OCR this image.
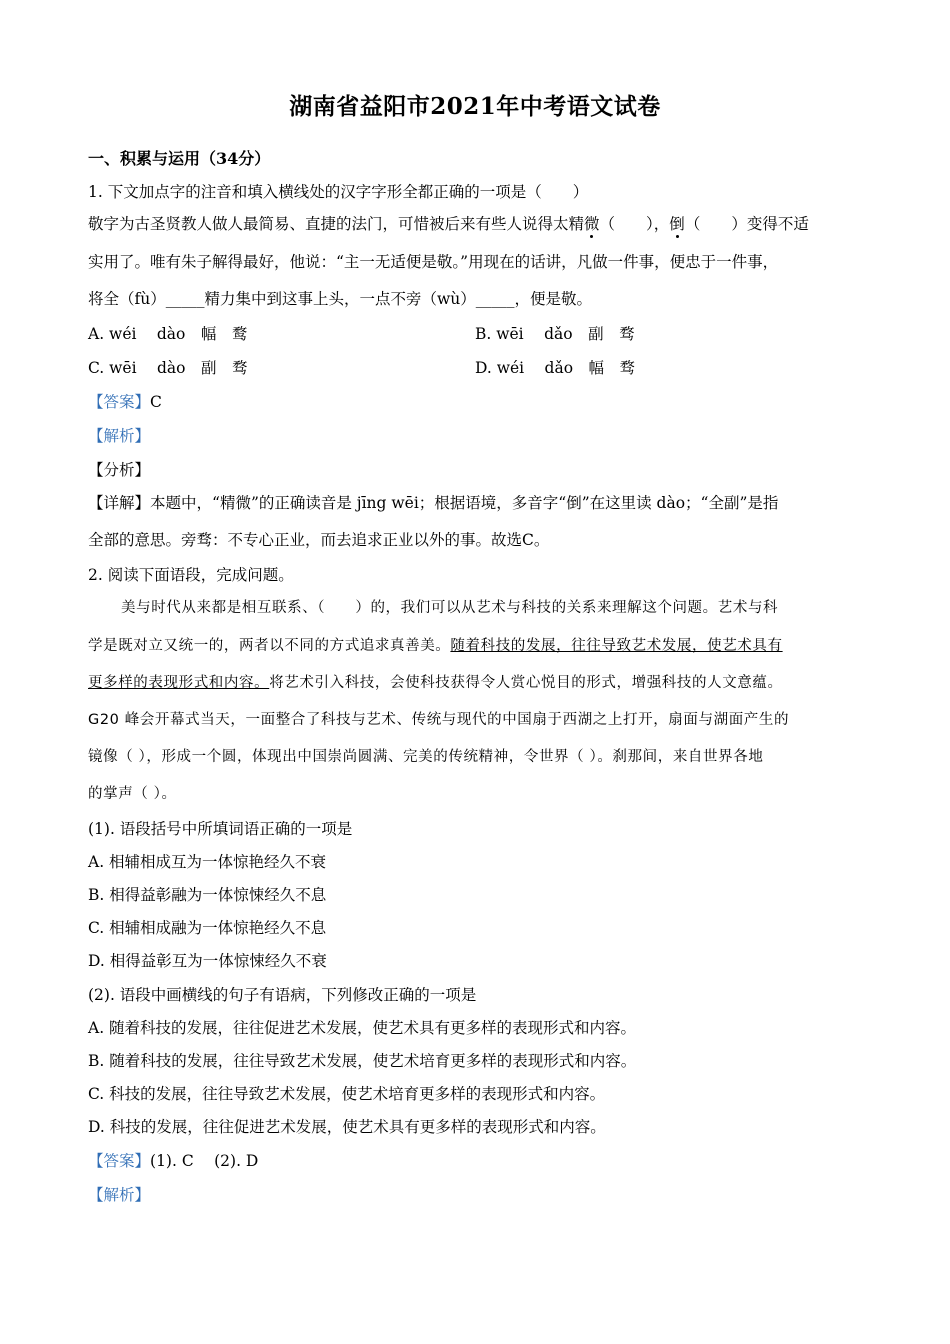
湖南省益阳市2021年中考语文试卷
一、积累与运用（34分）
1. 下文加点字的注音和填入横线处的汉字字形全都正确的一项是（　　）
敬字为古圣贤教人做人最简易、直捷的法门，可惜被后来有些人说得太精微（　　），倒（　　）变得不适
实用了。唯有朱子解得最好，他说：“主一无适便是敬。”用现在的话讲，凡做一件事，便忠于一件事，
将全（fù）_____精力集中到这事上头，一点不旁（wù）_____，便是敬。
A. wéi　 dào　幅　鹜	B. wēi　 dǎo　副　骛
C. wēi　 dào　副　骛	D. wéi　 dǎo　幅　骛
【答案】C
【解析】
【分析】
【详解】本题中，“精微”的正确读音是 jīng wēi；根据语境，多音字“倒”在这里读 dào；“全副”是指
全部的意思。旁骛：不专心正业，而去追求正业以外的事。故选C。
2. 阅读下面语段，完成问题。
美与时代从来都是相互联系、（　　）的，我们可以从艺术与科技的关系来理解这个问题。艺术与科
学是既对立又统一的，两者以不同的方式追求真善美。随着科技的发展，往往导致艺术发展，使艺术具有
更多样的表现形式和内容。将艺术引入科技，会使科技获得令人赏心悦目的形式，增强科技的人文意蕴。
G20 峰会开幕式当天，一面整合了科技与艺术、传统与现代的中国扇于西湖之上打开，扇面与湖面产生的
镜像（ ），形成一个圆，体现出中国崇尚圆满、完美的传统精神，令世界（ ）。刹那间，来自世界各地
的掌声（ ）。
(1). 语段括号中所填词语正确的一项是
A. 相辅相成互为一体惊艳经久不衰
B. 相得益彰融为一体惊悚经久不息
C. 相辅相成融为一体惊艳经久不息
D. 相得益彰互为一体惊悚经久不衰
(2). 语段中画横线的句子有语病，下列修改正确的一项是
A. 随着科技的发展，往往促进艺术发展，使艺术具有更多样的表现形式和内容。
B. 随着科技的发展，往往导致艺术发展，使艺术培育更多样的表现形式和内容。
C. 科技的发展，往往导致艺术发展，使艺术培育更多样的表现形式和内容。
D. 科技的发展，往往促进艺术发展，使艺术具有更多样的表现形式和内容。
【答案】(1). C　 (2). D
【解析】
